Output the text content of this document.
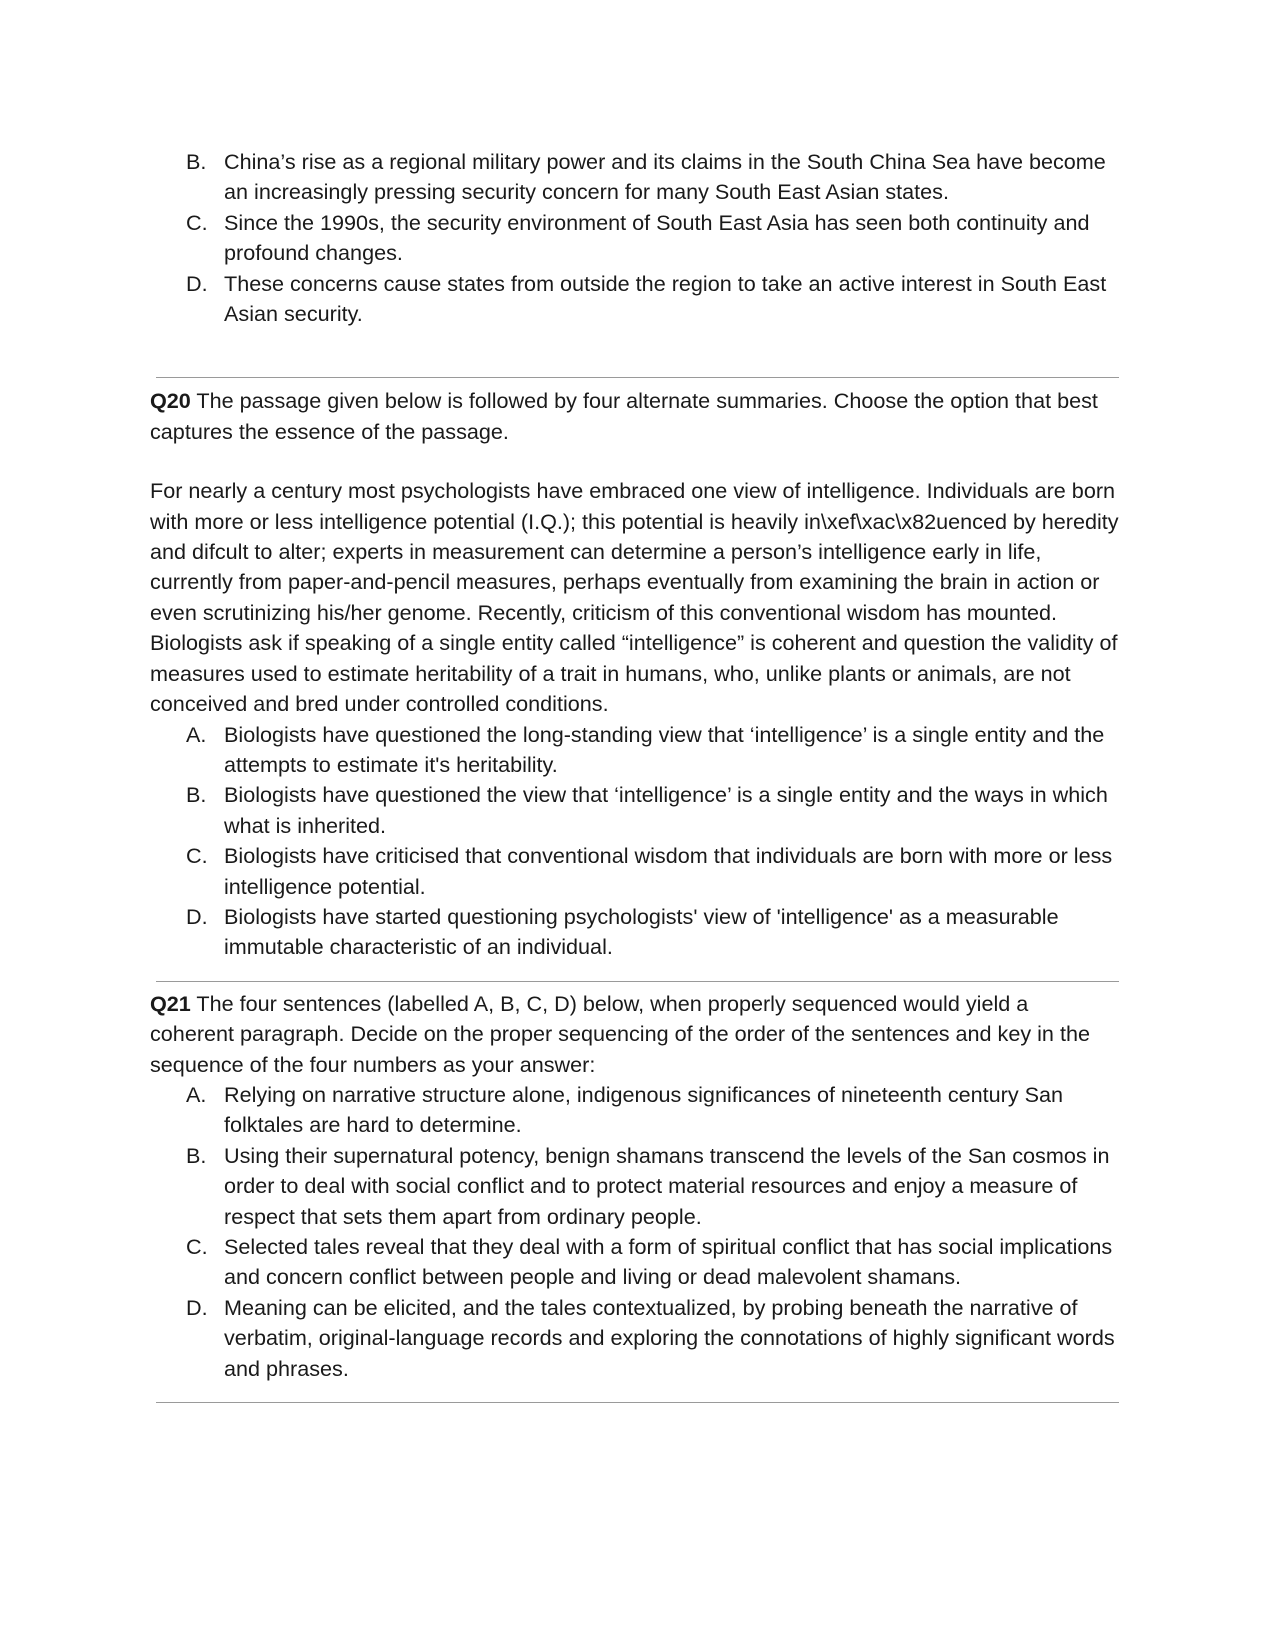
B. China’s rise as a regional military power and its claims in the South China Sea have become an increasingly pressing security concern for many South East Asian states.
C. Since the 1990s, the security environment of South East Asia has seen both continuity and profound changes.
D. These concerns cause states from outside the region to take an active interest in South East Asian security.

Q20 The passage given below is followed by four alternate summaries. Choose the option that best captures the essence of the passage.

For nearly a century most psychologists have embraced one view of intelligence. Individuals are born with more or less intelligence potential (I.Q.); this potential is heavily in\xef\xac\x82uenced by heredity and difcult to alter; experts in measurement can determine a person’s intelligence early in life, currently from paper-and-pencil measures, perhaps eventually from examining the brain in action or even scrutinizing his/her genome. Recently, criticism of this conventional wisdom has mounted. Biologists ask if speaking of a single entity called “intelligence” is coherent and question the validity of measures used to estimate heritability of a trait in humans, who, unlike plants or animals, are not conceived and bred under controlled conditions.

A. Biologists have questioned the long-standing view that ‘intelligence’ is a single entity and the attempts to estimate it's heritability.
B. Biologists have questioned the view that ‘intelligence’ is a single entity and the ways in which what is inherited.
C. Biologists have criticised that conventional wisdom that individuals are born with more or less intelligence potential.
D. Biologists have started questioning psychologists' view of 'intelligence' as a measurable immutable characteristic of an individual.

Q21 The four sentences (labelled A, B, C, D) below, when properly sequenced would yield a coherent paragraph. Decide on the proper sequencing of the order of the sentences and key in the sequence of the four numbers as your answer:

A. Relying on narrative structure alone, indigenous significances of nineteenth century San folktales are hard to determine.
B. Using their supernatural potency, benign shamans transcend the levels of the San cosmos in order to deal with social conflict and to protect material resources and enjoy a measure of respect that sets them apart from ordinary people.
C. Selected tales reveal that they deal with a form of spiritual conflict that has social implications and concern conflict between people and living or dead malevolent shamans.
D. Meaning can be elicited, and the tales contextualized, by probing beneath the narrative of verbatim, original-language records and exploring the connotations of highly significant words and phrases.
